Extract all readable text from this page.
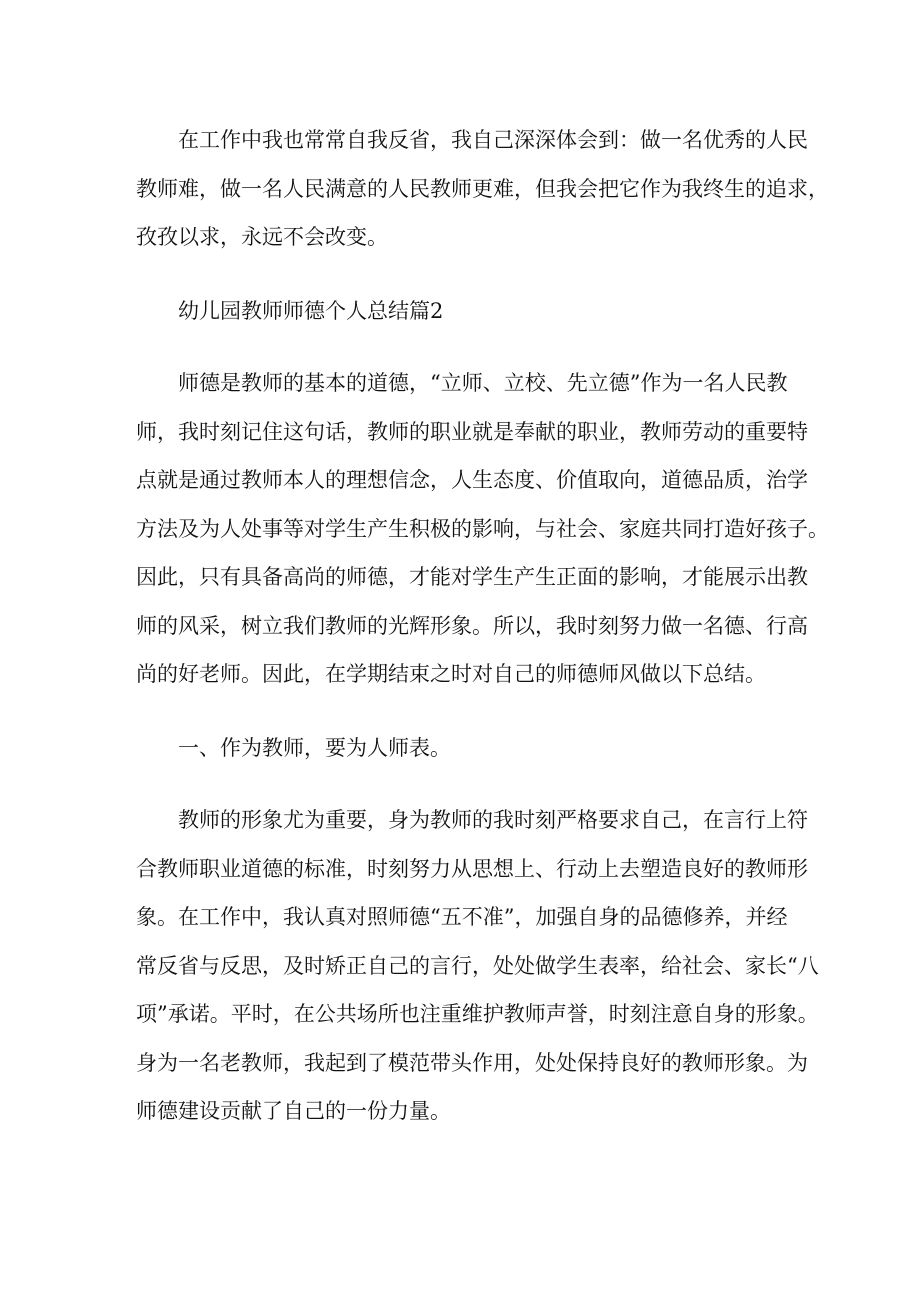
在工作中我也常常自我反省，我自己深深体会到：做一名优秀的人民
教师难，做一名人民满意的人民教师更难，但我会把它作为我终生的追求，
孜孜以求，永远不会改变。
幼儿园教师师德个人总结篇2
师德是教师的基本的道德，“立师、立校、先立德”作为一名人民教
师，我时刻记住这句话，教师的职业就是奉献的职业，教师劳动的重要特
点就是通过教师本人的理想信念，人生态度、价值取向，道德品质，治学
方法及为人处事等对学生产生积极的影响，与社会、家庭共同打造好孩子。
因此，只有具备高尚的师德，才能对学生产生正面的影响，才能展示出教
师的风采，树立我们教师的光辉形象。所以，我时刻努力做一名德、行高
尚的好老师。因此，在学期结束之时对自己的师德师风做以下总结。
一、作为教师，要为人师表。
教师的形象尤为重要，身为教师的我时刻严格要求自己，在言行上符
合教师职业道德的标准，时刻努力从思想上、行动上去塑造良好的教师形
象。在工作中，我认真对照师德“五不准”，加强自身的品德修养，并经
常反省与反思，及时矫正自己的言行，处处做学生表率，给社会、家长“八
项”承诺。平时，在公共场所也注重维护教师声誉，时刻注意自身的形象。
身为一名老教师，我起到了模范带头作用，处处保持良好的教师形象。为
师德建设贡献了自己的一份力量。
